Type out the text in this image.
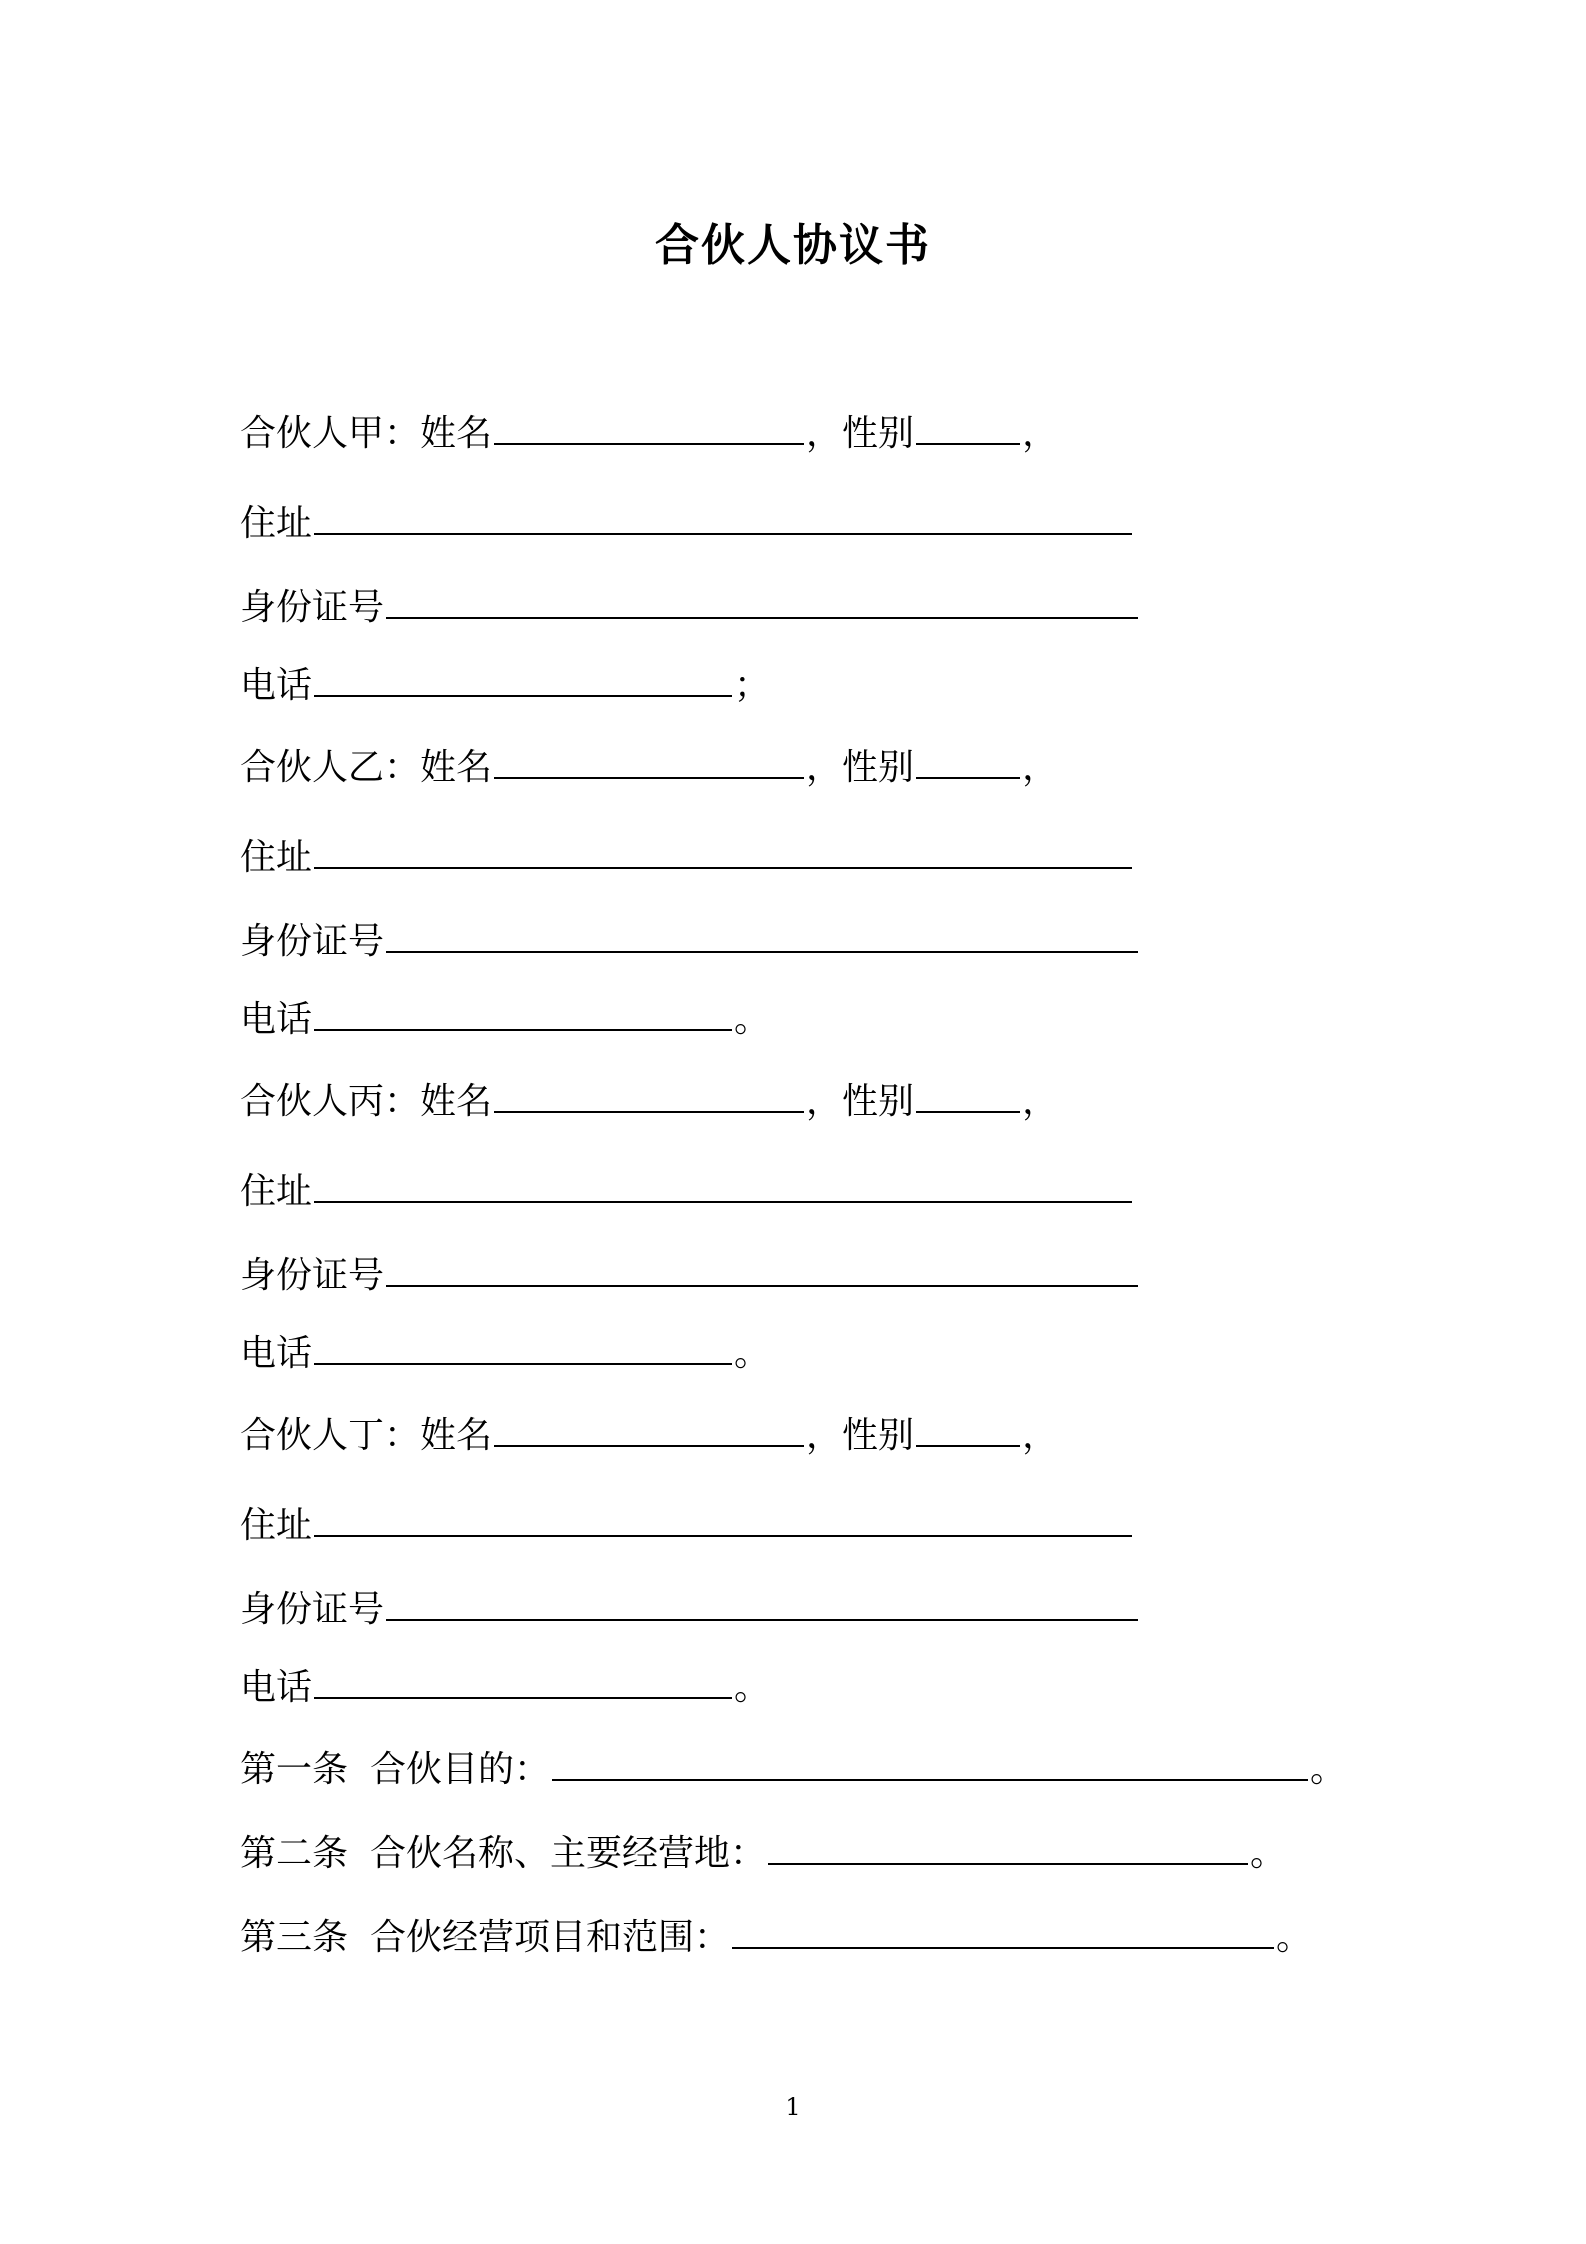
合伙人协议书
合伙人甲：姓名	，性别	，
住址
身份证号
电话	；
合伙人乙：姓名	，性别	，
住址
身份证号
电话	。
合伙人丙：姓名	，性别	，
住址
身份证号
电话	。
合伙人丁：姓名	，性别	，
住址
身份证号
电话	。
第一条 合伙目的：	。
第二条 合伙名称、主要经营地：	。
第三条 合伙经营项目和范围：	。
1
